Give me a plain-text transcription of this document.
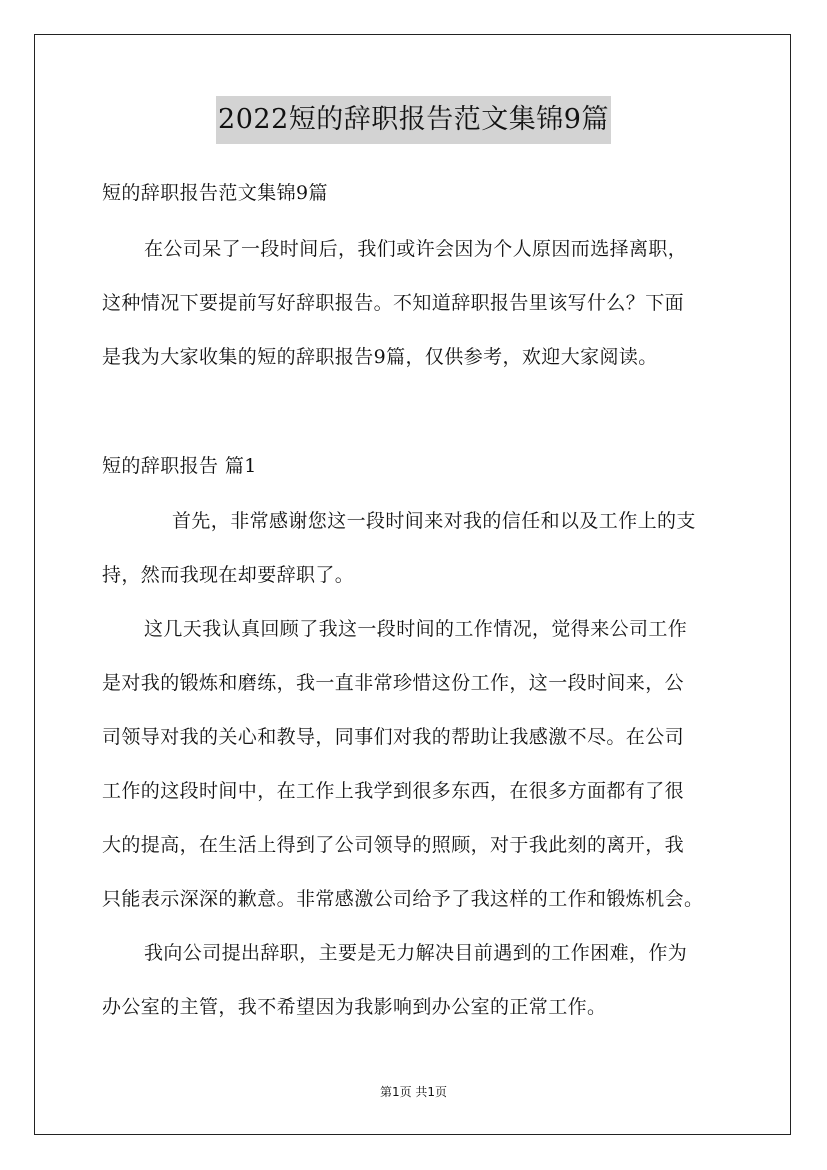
2022短的辞职报告范文集锦9篇
短的辞职报告范文集锦9篇
在公司呆了一段时间后，我们或许会因为个人原因而选择离职，
这种情况下要提前写好辞职报告。不知道辞职报告里该写什么？下面
是我为大家收集的短的辞职报告9篇，仅供参考，欢迎大家阅读。
短的辞职报告 篇1
首先，非常感谢您这一段时间来对我的信任和以及工作上的支
持，然而我现在却要辞职了。
这几天我认真回顾了我这一段时间的工作情况，觉得来公司工作
是对我的锻炼和磨练，我一直非常珍惜这份工作，这一段时间来，公
司领导对我的关心和教导，同事们对我的帮助让我感激不尽。在公司
工作的这段时间中，在工作上我学到很多东西，在很多方面都有了很
大的提高，在生活上得到了公司领导的照顾，对于我此刻的离开，我
只能表示深深的歉意。非常感激公司给予了我这样的工作和锻炼机会。
我向公司提出辞职，主要是无力解决目前遇到的工作困难，作为
办公室的主管，我不希望因为我影响到办公室的正常工作。
第1页 共1页
